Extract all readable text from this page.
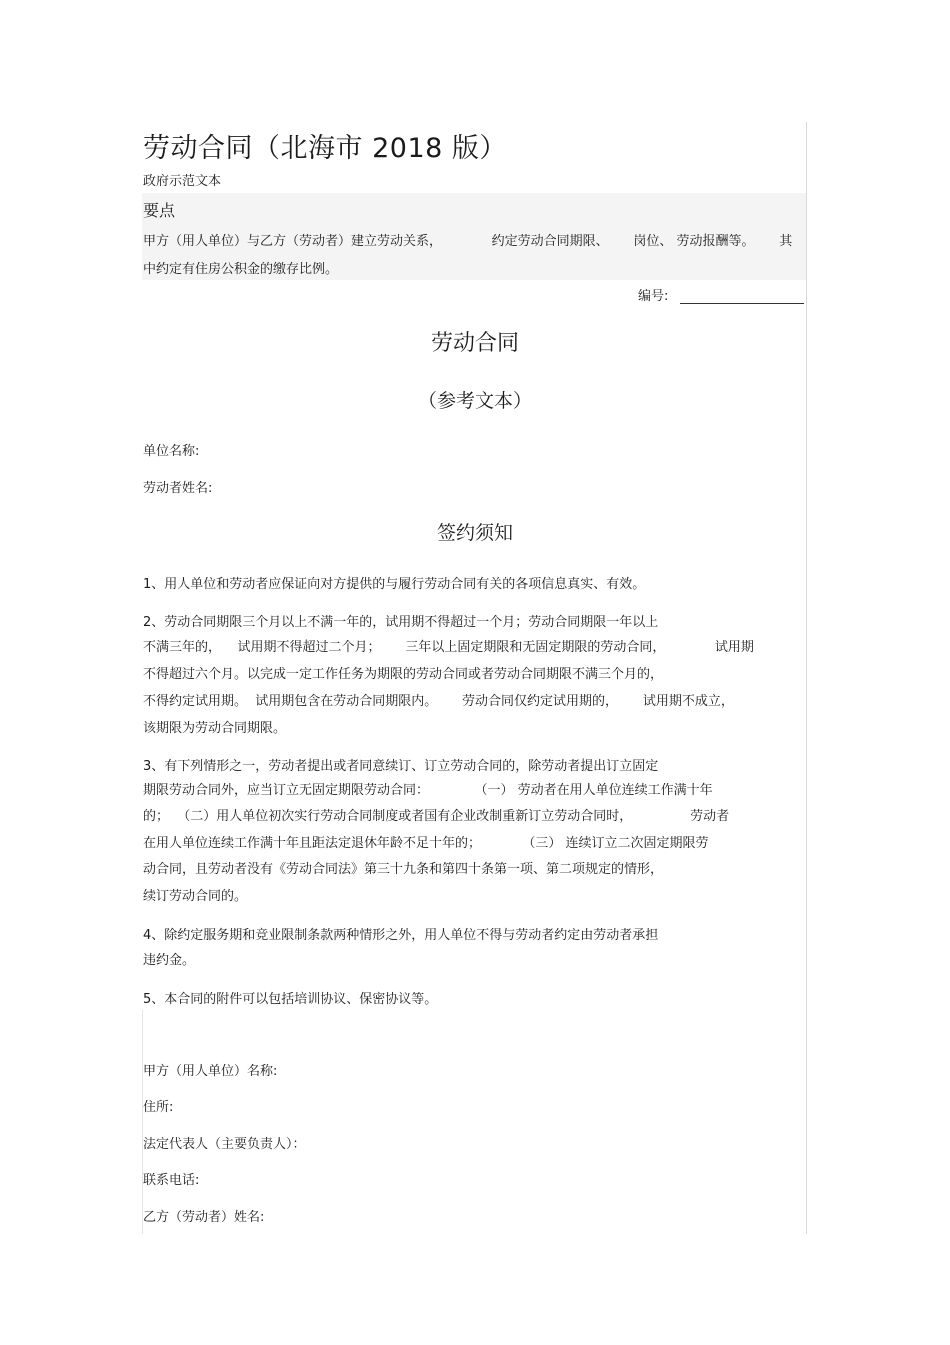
劳动合同（北海市 2018 版）
政府示范文本
要点
甲方（用人单位）与乙方（劳动者）建立劳动关系，            约定劳动合同期限、      岗位、 劳动报酬等。      其
中约定有住房公积金的缴存比例。
编号:
劳动合同
（参考文本）
单位名称:
劳动者姓名:
签约须知
1、用人单位和劳动者应保证向对方提供的与履行劳动合同有关的各项信息真实、有效。
2、劳动合同期限三个月以上不满一年的，试用期不得超过一个月；劳动合同期限一年以上
不满三年的，    试用期不得超过二个月；      三年以上固定期限和无固定期限的劳动合同，            试用期
不得超过六个月。以完成一定工作任务为期限的劳动合同或者劳动合同期限不满三个月的，
不得约定试用期。  试用期包含在劳动合同期限内。      劳动合同仅约定试用期的，      试用期不成立，
该期限为劳动合同期限。
3、有下列情形之一，劳动者提出或者同意续订、订立劳动合同的，除劳动者提出订立固定
期限劳动合同外，应当订立无固定期限劳动合同：           （一） 劳动者在用人单位连续工作满十年
的；  （二）用人单位初次实行劳动合同制度或者国有企业改制重新订立劳动合同时，              劳动者
在用人单位连续工作满十年且距法定退休年龄不足十年的；          （三） 连续订立二次固定期限劳
动合同，且劳动者没有《劳动合同法》第三十九条和第四十条第一项、第二项规定的情形，
续订劳动合同的。
4、除约定服务期和竞业限制条款两种情形之外，用人单位不得与劳动者约定由劳动者承担
违约金。
5、本合同的附件可以包括培训协议、保密协议等。
甲方（用人单位）名称:
住所:
法定代表人（主要负责人）：
联系电话:
乙方（劳动者）姓名:
